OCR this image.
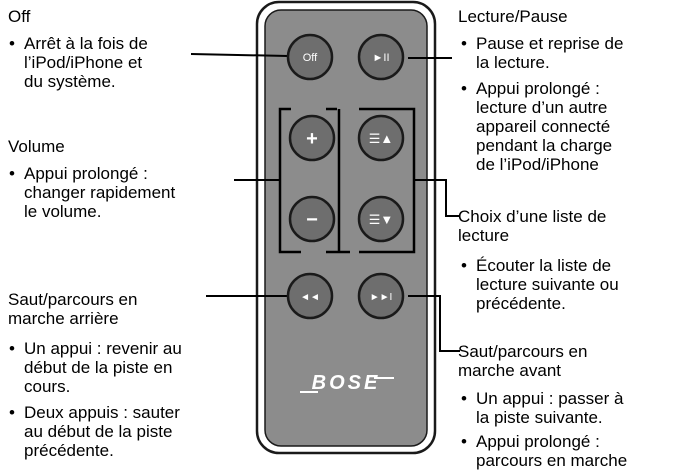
Off	►II
+	☰▲
−	☰▼
◄◄	►►I
BOSE
Off
• Arrêt à la fois de
l’iPod/iPhone et
du système.
Volume
• Appui prolongé :
changer rapidement
le volume.
Saut/parcours en
marche arrière
• Un appui : revenir au
début de la piste en
cours.
• Deux appuis : sauter
au début de la piste
précédente.
Lecture/Pause
• Pause et reprise de
la lecture.
• Appui prolongé :
lecture d’un autre
appareil connecté
pendant la charge
de l’iPod/iPhone
Choix d’une liste de
lecture
• Écouter la liste de
lecture suivante ou
précédente.
Saut/parcours en
marche avant
• Un appui : passer à
la piste suivante.
• Appui prolongé :
parcours en marche
